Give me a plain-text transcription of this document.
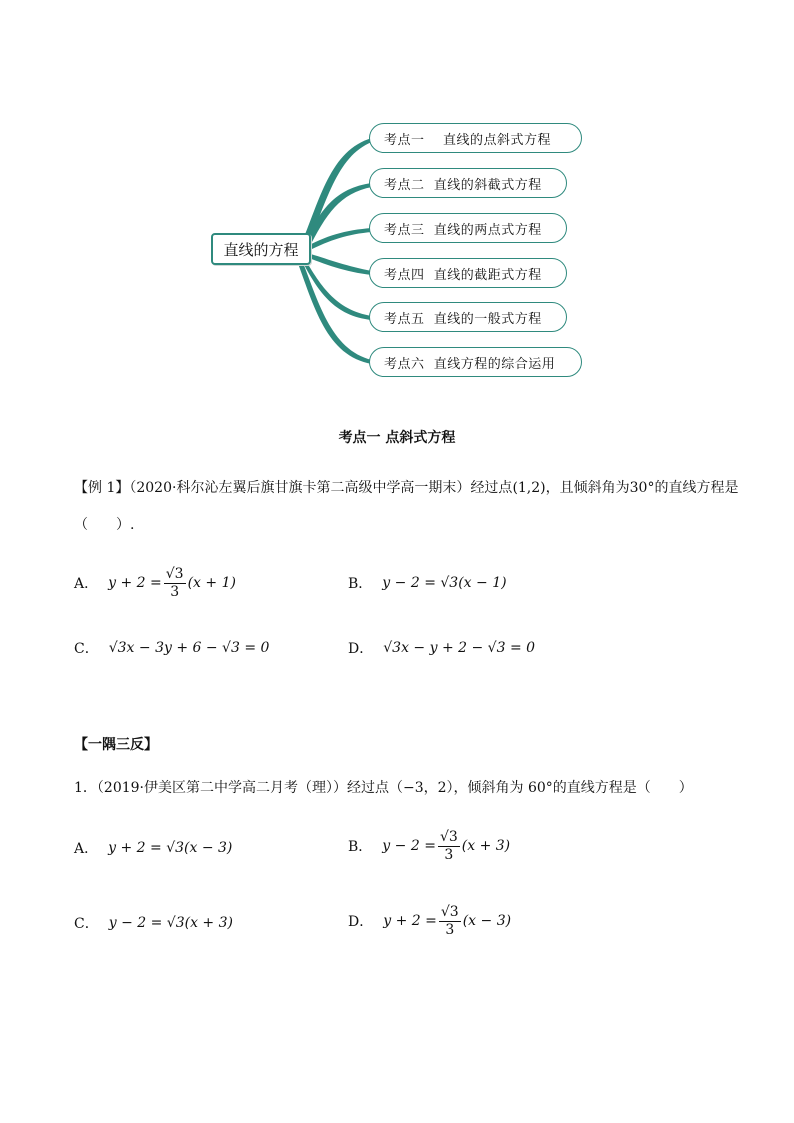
直线的方程
考点一    直线的点斜式方程
考点二  直线的斜截式方程
考点三  直线的两点式方程
考点四  直线的截距式方程
考点五  直线的一般式方程
考点六  直线方程的综合运用
考点一 点斜式方程
【例 1】（2020·科尔沁左翼后旗甘旗卡第二高级中学高一期末）经过点(1,2)，且倾斜角为30°的直线方程是
（　　）.
A． $y + 2 = \frac{√3}{3} (x + 1)$	B． y − 2 = √3(x − 1)
C． √3x − 3y + 6 − √3 = 0	D． √3x − y + 2 − √3 = 0
【一隅三反】
1．（2019·伊美区第二中学高二月考（理））经过点（−3，2），倾斜角为 60°的直线方程是（　　）
A． y + 2 = √3(x − 3)	B． $y - 2 = \frac{√3}{3} (x + 3)$
C． y − 2 = √3(x + 3)	D． $y + 2 = \frac{√3}{3} (x - 3)$
